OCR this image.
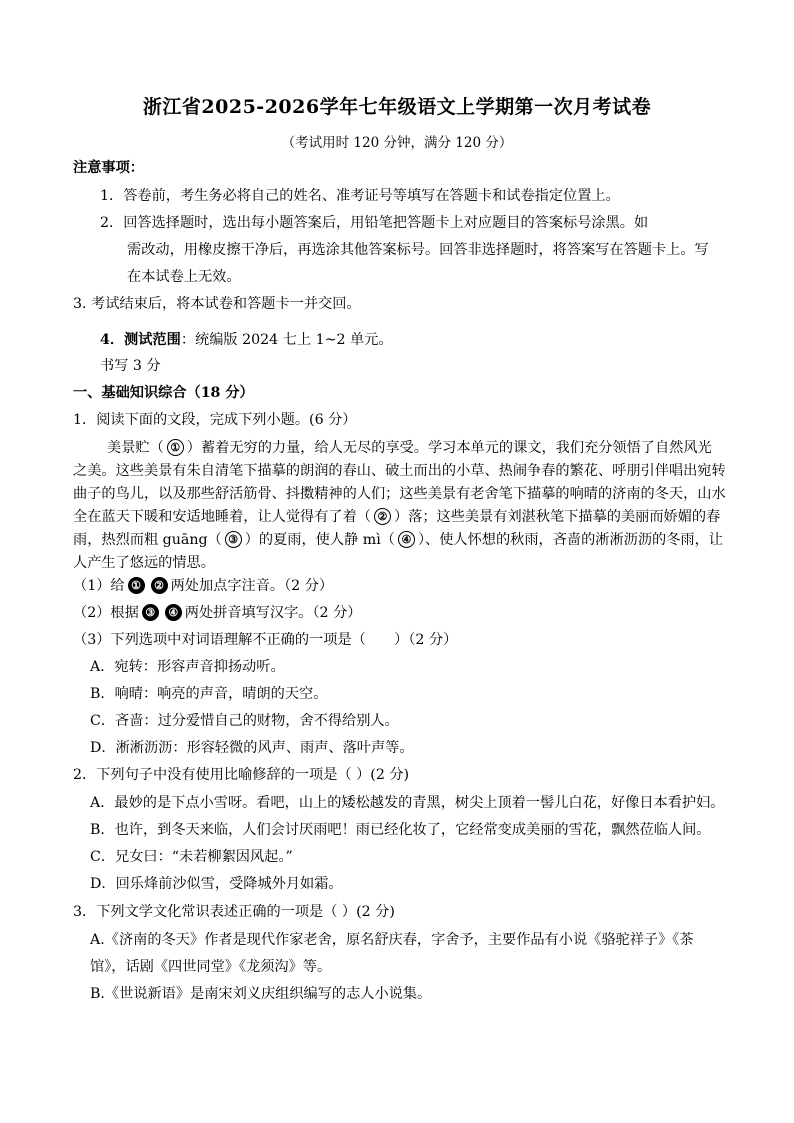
浙江省2025-2026学年七年级语文上学期第一次月考试卷
（考试用时 120 分钟，满分 120 分）
注意事项：
1．答卷前，考生务必将自己的姓名、准考证号等填写在答题卡和试卷指定位置上。
2．回答选择题时，选出每小题答案后，用铅笔把答题卡上对应题目的答案标号涂黑。如
需改动，用橡皮擦干净后，再选涂其他答案标号。回答非选择题时，将答案写在答题卡上。写
在本试卷上无效。
3. 考试结束后，将本试卷和答题卡一并交回。
4．测试范围：统编版 2024 七上 1~2 单元。
书写 3 分
一、基础知识综合（18 分）
1．阅读下面的文段，完成下列小题。(6 分）
美景贮（ ① ）蓄着无穷的力量，给人无尽的享受。学习本单元的课文，我们充分领悟了自然风光
之美。这些美景有朱自清笔下描摹的朗润的春山、破土而出的小草、热闹争春的繁花、呼朋引伴唱出宛转
曲子的鸟儿，以及那些舒活筋骨、抖擞精神的人们；这些美景有老舍笔下描摹的响晴的济南的冬天，山水
全在蓝天下暖和安适地睡着，让人觉得有了着（ ② ）落；这些美景有刘湛秋笔下描摹的美丽而娇媚的春
雨，热烈而粗 guāng（ ③ ）的夏雨，使人静 mì（ ④ ）、使人怀想的秋雨，吝啬的淅淅沥沥的冬雨，让
人产生了悠远的情思。
（1）给 ① ② 两处加点字注音。（2 分）
（2）根据 ③ ④ 两处拼音填写汉字。（2 分）
（3）下列选项中对词语理解不正确的一项是（　　）（2 分）
A．宛转：形容声音抑扬动听。
B．响晴：响亮的声音，晴朗的天空。
C．吝啬：过分爱惜自己的财物，舍不得给别人。
D．淅淅沥沥：形容轻微的风声、雨声、落叶声等。
2．下列句子中没有使用比喻修辞的一项是（ ）(2 分)
A．最妙的是下点小雪呀。看吧，山上的矮松越发的青黑，树尖上顶着一髻儿白花，好像日本看护妇。
B．也许，到冬天来临，人们会讨厌雨吧！雨已经化妆了，它经常变成美丽的雪花，飘然莅临人间。
C．兄女曰：“未若柳絮因风起。”
D．回乐烽前沙似雪，受降城外月如霜。
3．下列文学文化常识表述正确的一项是（ ）(2 分)
A.《济南的冬天》作者是现代作家老舍，原名舒庆春，字舍予，主要作品有小说《骆驼祥子》《茶
馆》，话剧《四世同堂》《龙须沟》等。
B.《世说新语》是南宋刘义庆组织编写的志人小说集。
